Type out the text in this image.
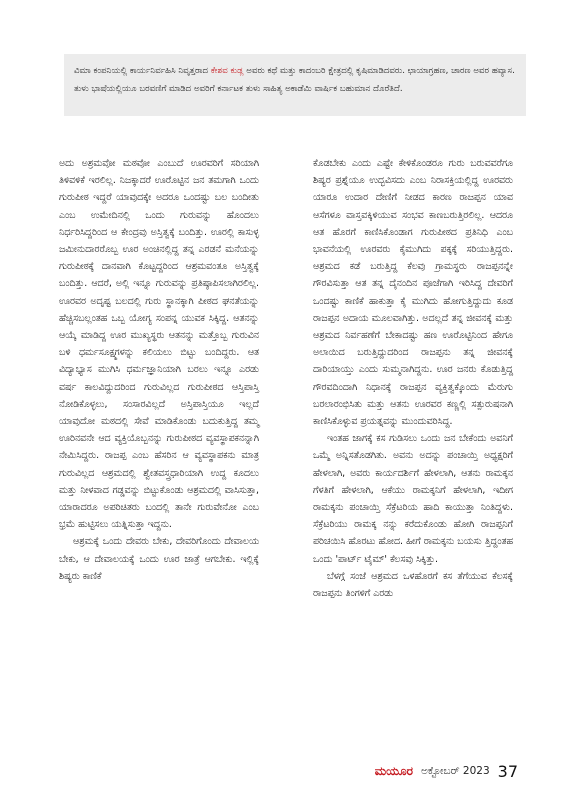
ವಿಮಾ ಕಂಪನಿಯಲ್ಲಿ ಕಾರ್ಯನಿರ್ವಹಿಸಿ ನಿವೃತ್ತರಾದ ಕೇಶವ ಕುಡ್ಲ ಅವರು ಕಥೆ ಮತ್ತು ಕಾದಂಬರಿ ಕ್ಷೇತ್ರದಲ್ಲಿ ಕೃಷಿಮಾಡಿದವರು. ಛಾಯಾಗ್ರಹಣ, ಚಾರಣ ಅವರ ಹವ್ಯಾಸ. ತುಳು ಭಾಷೆಯಲ್ಲಿಯೂ ಬರವಣಿಗೆ ಮಾಡಿದ ಅವರಿಗೆ ಕರ್ನಾಟಕ ತುಳು ಸಾಹಿತ್ಯ ಅಕಾಡೆಮಿ ವಾರ್ಷಿಕ ಬಹುಮಾನ ದೊರೆತಿದೆ.

ಅದು ಅಶ್ರಮವೋ ಮಠವೋ ಎಂಬುದೆ ಊರವರಿಗೆ ಸರಿಯಾಗಿ ತಿಳಿವಳಿಕೆ ಇರಲಿಲ್ಲ. ನಿಜಕ್ಕಾದರೆ ಊರೊಟ್ಟಿನ ಜನ ತಮಗಾಗಿ ಒಂದು ಗುರುಪೀಠ ಇದ್ದರೆ ಯಾವುದಕ್ಕೇ ಅದರೂ ಒಂದಷ್ಟು ಬಲ ಬಂದೀತು ಎಂಬ ಉಮೇದಿನಲ್ಲಿ ಒಂದು ಗುರುವನ್ನು ಹೊಂದಲು ನಿರ್ಧರಿಸಿದ್ದರಿಂದ ಆ ಕೇಂದ್ರವು ಅಸ್ತಿತ್ವಕ್ಕೆ ಬಂದಿತ್ತು. ಊರಲ್ಲಿ ಕಾಸುಳ್ಳ ಜಮೀನುದಾರರೊಬ್ಬ ಊರ ಅಂಚಿನಲ್ಲಿದ್ದ ತನ್ನ ಎರಡನೆ ಮನೆಯನ್ನು ಗುರುಪೀಠಕ್ಕೆ ದಾನವಾಗಿ ಕೊಟ್ಟದ್ದರಿಂದ ಆಶ್ರಮವಂತೂ ಅಸ್ತಿತ್ವಕ್ಕೆ ಬಂದಿತ್ತು. ಆದರೆ, ಅಲ್ಲಿ ಇನ್ನೂ ಗುರುವನ್ನು ಪ್ರತಿಷ್ಠಾಪಿಸಲಾಗಿರಲಿಲ್ಲ. ಊರವರ ಅದೃಷ್ಟ ಬಲದಲ್ಲಿ ಗುರು ಸ್ಥಾನಕ್ಕಾಗಿ ಪೀಠದ ಘನತೆಯನ್ನು ಹೆಚ್ಚಿಸಬಲ್ಲಂತಹ ಒಬ್ಬ ಯೋಗ್ಯ ಸಂಪನ್ನ ಯುವಕ ಸಿಕ್ಕಿದ್ದ. ಆತನನ್ನು ಆಯ್ಕೆ ಮಾಡಿದ್ದ ಊರ ಮುಖ್ಯಸ್ಥರು ಆತನನ್ನು ಮತ್ತೊಬ್ಬ ಗುರುವಿನ ಬಳಿ ಧರ್ಮಸೂಕ್ಷ್ಮಗಳನ್ನು ಕಲಿಯಲು ಬಿಟ್ಟು ಬಂದಿದ್ದರು. ಆತ ವಿದ್ಯಾಭ್ಯಾಸ ಮುಗಿಸಿ ಧರ್ಮಜ್ಞಾನಿಯಾಗಿ ಬರಲು ಇನ್ನೂ ಎರಡು ವರ್ಷ ಕಾಲವಿದ್ದುದರಿಂದ ಗುರುವಿಲ್ಲದ ಗುರುಪೀಠದ ಆಸ್ತಿಪಾಸ್ತಿ ನೋಡಿಕೊಳ್ಳಲು, ಸಂಸಾರವಿಲ್ಲದೆ ಅಸ್ತಿಪಾಸ್ತಿಯೂ ಇಲ್ಲದೆ ಯಾವುದೋ ಮಠದಲ್ಲಿ ಸೇವೆ ಮಾಡಿಕೊಂಡು ಬದುಕುತ್ತಿದ್ದ ತಮ್ಮ ಊರಿನವನೇ ಆದ ವ್ಯಕ್ತಿಯೊಬ್ಬನನ್ನು ಗುರುಪೀಠದ ವ್ಯವಸ್ಥಾಪಕನನ್ನಾಗಿ ನೇಮಿಸಿದ್ದರು. ರಾಜಪ್ಪ ಎಂಬ ಹೆಸರಿನ ಆ ವ್ಯವಸ್ಥಾಪಕನು ಮಾತ್ರ ಗುರುವಿಲ್ಲದ ಆಶ್ರಮದಲ್ಲಿ ಶ್ವೇತವಸ್ತ್ರಧಾರಿಯಾಗಿ ಉದ್ದ ಕೂದಲು ಮತ್ತು ನೀಳವಾದ ಗಡ್ಡವನ್ನು ಬಿಟ್ಟುಕೊಂಡು ಆಶ್ರಮದಲ್ಲಿ ವಾಸಿಸುತ್ತಾ, ಯಾರಾದರೂ ಅಪರಿಚಿತರು ಬಂದಲ್ಲಿ ತಾನೇ ಗುರುವೇನೋ ಎಂಬ ಭ್ರಮೆ ಹುಟ್ಟಿಸಲು ಯತ್ನಿಸುತ್ತಾ ಇದ್ದನು.

ಆಶ್ರಮಕ್ಕೆ ಒಂದು ದೇವರು ಬೇಕು, ದೇವರಿಗೊಂದು ದೇವಾಲಯ ಬೇಕು, ಆ ದೇವಾಲಯಕ್ಕೆ ಒಂದು ಊರ ಜಾತ್ರೆ ಆಗಬೇಕು. ಇಲ್ಲಿಕ್ಕೆ ಶಿಷ್ಯರು ಕಾಣಿಕೆ

ಕೊಡಬೇಕು ಎಂದು ಎಷ್ಟೇ ಕೇಳಿಕೊಂಡರೂ ಗುರು ಬರುವವರೆಗೂ ಶಿಷ್ಯರ ಪ್ರಶ್ನೆಯೂ ಉದ್ಭವಿಸದು ಎಂಬ ನಿರಾಸಕ್ತಿಯಲ್ಲಿದ್ದ ಊರವರು ಯಾರೂ ಉದಾರ ದೇಣಿಗೆ ನೀಡದ ಕಾರಣ ರಾಜಪ್ಪನ ಯಾವ ಆಸೆಗಳೂ ವಾಸ್ತವಕ್ಕಿಳಿಯುವ ಸಂಭವ ಕಾಣಬರುತ್ತಿರಲಿಲ್ಲ. ಆದರೂ ಆತ ಹೊರಗೆ ಕಾಣಿಸಿಕೊಂಡಾಗ ಗುರುಪೀಠದ ಪ್ರತಿನಿಧಿ ಎಂಬ ಭಾವನೆಯಲ್ಲಿ ಊರವರು ಕೈಮುಗಿದು ಪಕ್ಕಕ್ಕೆ ಸರಿಯುತ್ತಿದ್ದರು. ಆಶ್ರಮದ ಕಡೆ ಬರುತ್ತಿದ್ದ ಕೆಲವು ಗ್ರಾಮಸ್ಥರು ರಾಜಪ್ಪನನ್ನೇ ಗೌರವಿಸುತ್ತಾ ಆತ ತನ್ನ ದೈನಂದಿನ ಪೂಜೆಗಾಗಿ ಇರಿಸಿದ್ದ ದೇವರಿಗೆ ಒಂದಷ್ಟು ಕಾಣಿಕೆ ಹಾಕುತ್ತಾ ಕೈ ಮುಗಿದು ಹೋಗುತ್ತಿದ್ದುದು ಕೂಡ ರಾಜಪ್ಪನ ಅದಾಯ ಮೂಲವಾಗಿತ್ತು. ಅದಲ್ಲದೆ ತನ್ನ ಜೀವನಕ್ಕೆ ಮತ್ತು ಆಶ್ರಮದ ನಿರ್ವಹಣೆಗೆ ಬೇಕಾದಷ್ಟು ಹಣ ಊರೊಟ್ಟಿನಿಂದ ಹೇಗೂ ಅಲಾಯಿದ ಬರುತ್ತಿದ್ದುದರಿಂದ ರಾಜಪ್ಪನು ತನ್ನ ಜೀವನಕ್ಕೆ ದಾರಿಯಾಯ್ತು ಎಂದು ಸುಮ್ಮನಾಗಿದ್ದನು. ಊರ ಜನರು ಕೊಡುತ್ತಿದ್ದ ಗೌರವದಿಂದಾಗಿ ನಿಧಾನಕ್ಕೆ ರಾಜಪ್ಪನ ವ್ಯಕ್ತಿತ್ವಕ್ಕೊಂದು ಮೆರುಗು ಬರಲಾರಂಭಿಸಿತು ಮತ್ತು ಆತನು ಊರವರ ಕಣ್ಣಲ್ಲಿ ಸತ್ಪುರುಷನಾಗಿ ಕಾಣಿಸಿಕೊಳ್ಳುವ ಪ್ರಯತ್ನವನ್ನು ಮುಂದುವರಿಸಿದ್ದ.

ಇಂತಹ ಜಾಗಕ್ಕೆ ಕಸ ಗುಡಿಸಲು ಒಂದು ಜನ ಬೇಕೆಂದು ಅವನಿಗೆ ಒಮ್ಮೆ ಅನ್ನಿಸತೊಡಗಿತು. ಅವನು ಅದನ್ನು ಪಂಚಾಯ್ತಿ ಅಧ್ಯಕ್ಷರಿಗೆ ಹೇಳಲಾಗಿ, ಅವರು ಕಾರ್ಯದರ್ಶಿಗೆ ಹೇಳಲಾಗಿ, ಆತನು ರಾಮಕ್ಕನ ಗೆಳತಿಗೆ ಹೇಳಲಾಗಿ, ಆಕೆಯು ರಾಮಕ್ಕನಿಗೆ ಹೇಳಲಾಗಿ, ಇದೀಗ ರಾಮಕ್ಕನು ಪಂಚಾಯ್ತಿ ಸೆಕ್ರೆಟರಿಯ ಹಾದಿ ಕಾಯುತ್ತಾ ನಿಂತಿದ್ದಳು. ಸೆಕ್ರೆಟರಿಯು ರಾಮಕ್ಕ ನನ್ನು ಕರೆದುಕೊಂಡು ಹೋಗಿ ರಾಜಪ್ಪನಿಗೆ ಪರಿಚಯಿಸಿ ಹೊರಟು ಹೋದ. ಹೀಗೆ ರಾಮಕ್ಕನು ಬಯಸು ತ್ತಿದ್ದಂತಹ ಒಂದು 'ಪಾರ್ಟ್ ಟೈಮ್' ಕೆಲಸವು ಸಿಕ್ಕಿತ್ತು.

ಬೆಳಗ್ಗೆ ಸಂಜೆ ಆಶ್ರಮದ ಒಳಹೊರಗೆ ಕಸ ತೆಗೆಯುವ ಕೆಲಸಕ್ಕೆ ರಾಜಪ್ಪನು ತಿಂಗಳಿಗೆ ಎರಡು

ಮಯೂರ ಅಕ್ಟೋಬರ್ 2023 37
